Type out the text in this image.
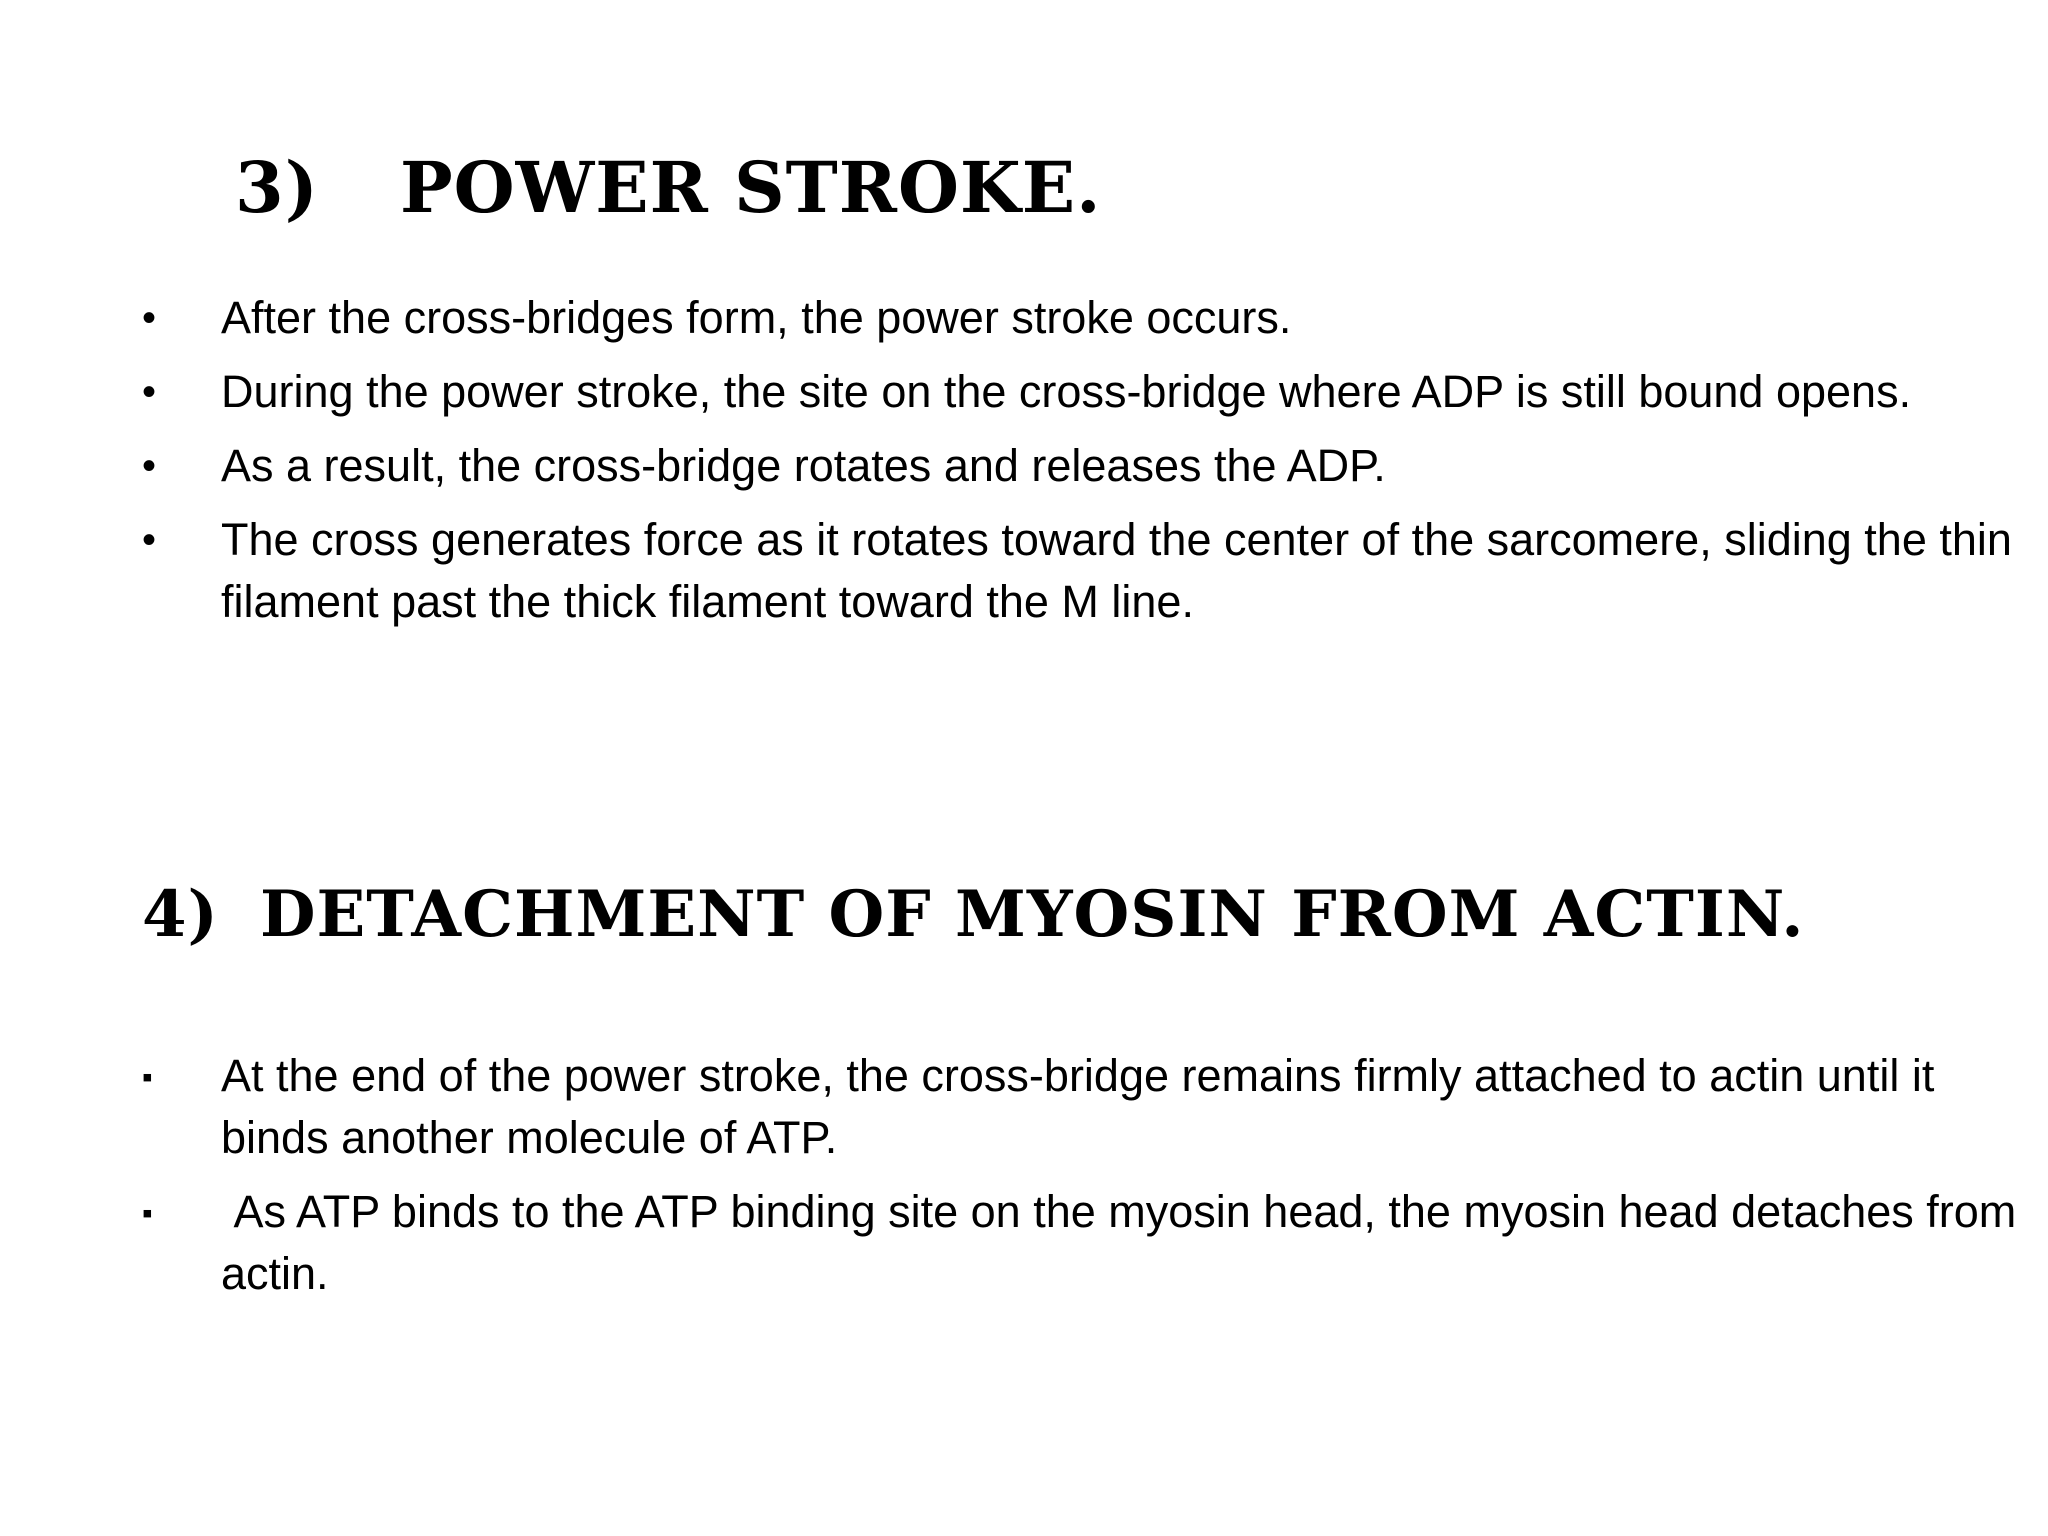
3) POWER STROKE.
•	After the cross-bridges form, the power stroke occurs.
•	During the power stroke, the site on the cross-bridge where ADP is still bound opens.
•	As a result, the cross-bridge rotates and releases the ADP.
•	The cross generates force as it rotates toward the center of the sarcomere, sliding the thin filament past the thick filament toward the M line.
4) DETACHMENT OF MYOSIN FROM ACTIN.
▪	At the end of the power stroke, the cross-bridge remains firmly attached to actin until it binds another molecule of ATP.
▪	As ATP binds to the ATP binding site on the myosin head, the myosin head detaches from actin.
